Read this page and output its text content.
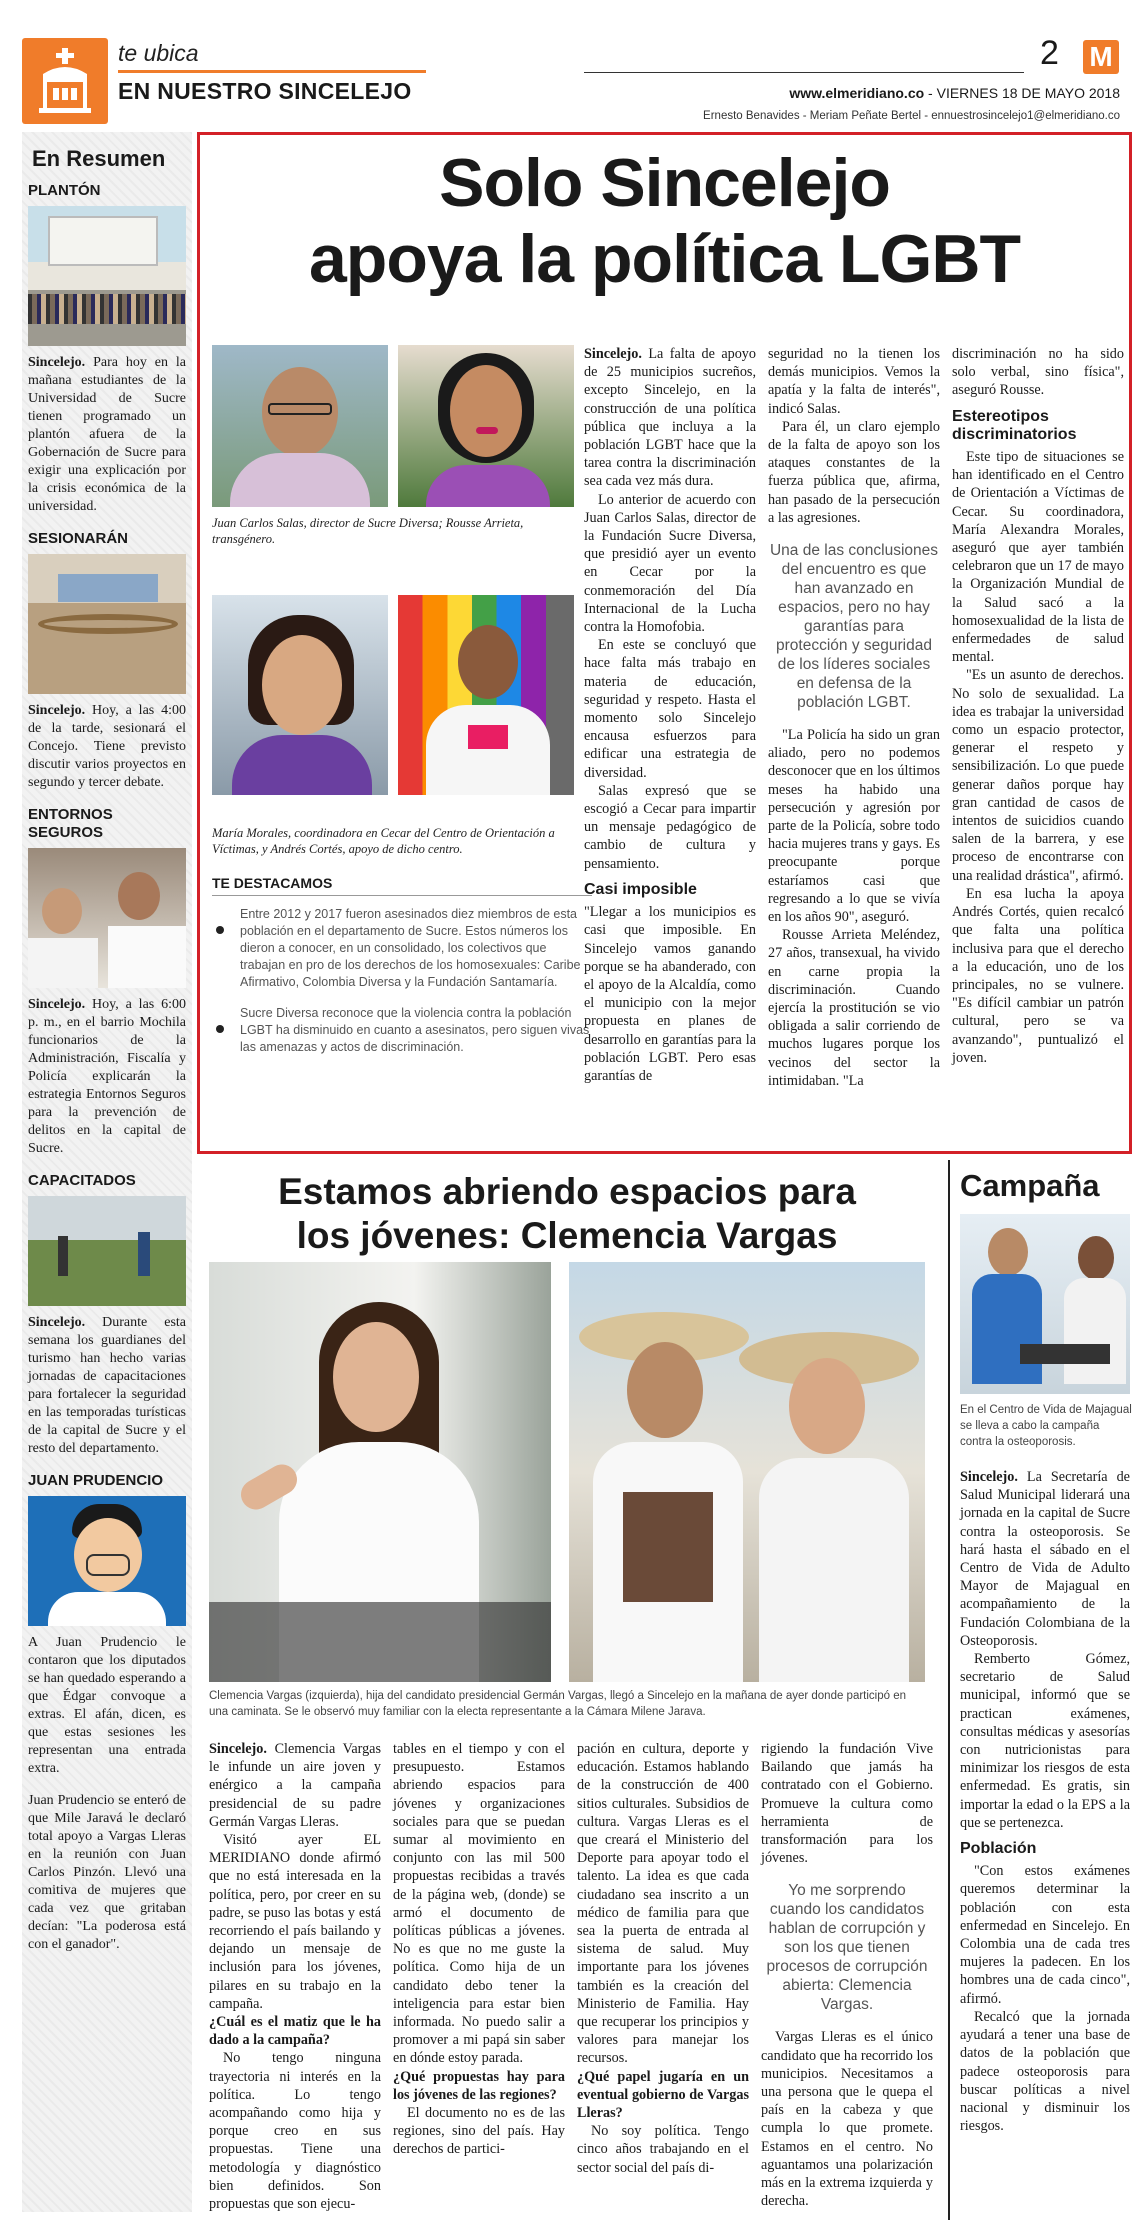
te ubica
EN NUESTRO SINCELEJO
2 M
www.elmeridiano.co - VIERNES 18 DE MAYO 2018
Ernesto Benavides - Meriam Peñate Bertel - ennuestrosincelejo1@elmeridiano.co
En Resumen
PLANTÓN

Sincelejo. Para hoy en la mañana estudiantes de la Universidad de Sucre tienen programado un plantón afuera de la Gobernación de Sucre para exigir una explicación por la crisis económica de la universidad.

SESIONARÁN

Sincelejo. Hoy, a las 4:00 de la tarde, sesionará el Concejo. Tiene previsto discutir varios proyectos en segundo y tercer debate.

ENTORNOS SEGUROS

Sincelejo. Hoy, a las 6:00 p. m., en el barrio Mochila funcionarios de la Administración, Fiscalía y Policía explicarán la estrategia Entornos Seguros para la prevención de delitos en la capital de Sucre.

CAPACITADOS

Sincelejo. Durante esta semana los guardianes del turismo han hecho varias jornadas de capacitaciones para fortalecer la seguridad en las temporadas turísticas de la capital de Sucre y el resto del departamento.

JUAN PRUDENCIO

A Juan Prudencio le contaron que los diputados se han quedado esperando a que Édgar convoque a extras. El afán, dicen, es que estas sesiones les representan una entrada extra.

Juan Prudencio se enteró de que Mile Jaravá le declaró total apoyo a Vargas Lleras en la reunión con Juan Carlos Pinzón. Llevó una comitiva de mujeres que cada vez que gritaban decían: "La poderosa está con el ganador".

Solo Sincelejo
apoya la política LGBT
Juan Carlos Salas, director de Sucre Diversa; Rousse Arrieta, transgénero.
María Morales, coordinadora en Cecar del Centro de Orientación a Víctimas, y Andrés Cortés, apoyo de dicho centro.
TE DESTACAMOS
Entre 2012 y 2017 fueron asesinados diez miembros de esta población en el departamento de Sucre. Estos números los dieron a conocer, en un consolidado, los colectivos que trabajan en pro de los derechos de los homosexuales: Caribe Afirmativo, Colombia Diversa y la Fundación Santamaría.
Sucre Diversa reconoce que la violencia contra la población LGBT ha disminuido en cuanto a asesinatos, pero siguen vivas las amenazas y actos de discriminación.

Sincelejo. La falta de apoyo de 25 municipios sucreños, excepto Sincelejo, en la construcción de una política pública que incluya a la población LGBT hace que la tarea contra la discriminación sea cada vez más dura.

Lo anterior de acuerdo con Juan Carlos Salas, director de la Fundación Sucre Diversa, que presidió ayer un evento en Cecar por la conmemoración del Día Internacional de la Lucha contra la Homofobia.

En este se concluyó que hace falta más trabajo en materia de educación, seguridad y respeto. Hasta el momento solo Sincelejo encausa esfuerzos para edificar una estrategia de diversidad.

Salas expresó que se escogió a Cecar para impartir un mensaje pedagógico de cambio de cultura y pensamiento.

Casi imposible

"Llegar a los municipios es casi que imposible. En Sincelejo vamos ganando porque se ha abanderado, con el apoyo de la Alcaldía, como el municipio con la mejor propuesta en planes de desarrollo en garantías para la población LGBT. Pero esas garantías de

seguridad no la tienen los demás municipios. Vemos la apatía y la falta de interés", indicó Salas.

Para él, un claro ejemplo de la falta de apoyo son los ataques constantes de la fuerza pública que, afirma, han pasado de la persecución a las agresiones.

Una de las conclusiones del encuentro es que han avanzado en espacios, pero no hay garantías para protección y seguridad de los líderes sociales en defensa de la población LGBT.

"La Policía ha sido un gran aliado, pero no podemos desconocer que en los últimos meses ha habido una persecución y agresión por parte de la Policía, sobre todo hacia mujeres trans y gays. Es preocupante porque estaríamos casi que regresando a lo que se vivía en los años 90", aseguró.

Rousse Arrieta Meléndez, 27 años, transexual, ha vivido en carne propia la discriminación. Cuando ejercía la prostitución se vio obligada a salir corriendo de muchos lugares porque los vecinos del sector la intimidaban. "La

discriminación no ha sido solo verbal, sino física", aseguró Rousse.

Estereotipos discriminatorios

Este tipo de situaciones se han identificado en el Centro de Orientación a Víctimas de Cecar. Su coordinadora, María Alexandra Morales, aseguró que ayer también celebraron que un 17 de mayo la Organización Mundial de la Salud sacó a la homosexualidad de la lista de enfermedades de salud mental.

"Es un asunto de derechos. No solo de sexualidad. La idea es trabajar la universidad como un espacio protector, generar el respeto y sensibilización. Lo que puede generar daños porque hay gran cantidad de casos de intentos de suicidios cuando salen de la barrera, y ese proceso de encontrarse con una realidad drástica", afirmó.

En esa lucha la apoya Andrés Cortés, quien recalcó que falta una política inclusiva para que el derecho a la educación, uno de los principales, no se vulnere. "Es difícil cambiar un patrón cultural, pero se va avanzando", puntualizó el joven.

Estamos abriendo espacios para
los jóvenes: Clemencia Vargas
Clemencia Vargas (izquierda), hija del candidato presidencial Germán Vargas, llegó a Sincelejo en la mañana de ayer donde participó en una caminata. Se le observó muy familiar con la electa representante a la Cámara Milene Jarava.

Sincelejo. Clemencia Vargas le infunde un aire joven y enérgico a la campaña presidencial de su padre Germán Vargas Lleras.

Visitó ayer EL MERIDIANO donde afirmó que no está interesada en la política, pero, por creer en su padre, se puso las botas y está recorriendo el país bailando y dejando un mensaje de inclusión para los jóvenes, pilares en su trabajo en la campaña.

¿Cuál es el matiz que le ha dado a la campaña?

No tengo ninguna trayectoria ni interés en la política. Lo tengo acompañando como hija y porque creo en sus propuestas. Tiene una metodología y diagnóstico bien definidos. Son propuestas que son ejecu-

tables en el tiempo y con el presupuesto. Estamos abriendo espacios para jóvenes y organizaciones sociales para que se puedan sumar al movimiento en conjunto con las mil 500 propuestas recibidas a través de la página web, (donde) se armó el documento de políticas públicas a jóvenes. No es que no me guste la política. Como hija de un candidato debo tener la inteligencia para estar bien informada. No puedo salir a promover a mi papá sin saber en dónde estoy parada.

¿Qué propuestas hay para los jóvenes de las regiones?

El documento no es de las regiones, sino del país. Hay derechos de partici-

pación en cultura, deporte y educación. Estamos hablando de la construcción de 400 sitios culturales. Subsidios de cultura. Vargas Lleras es el que creará el Ministerio del Deporte para apoyar todo el talento. La idea es que cada ciudadano sea inscrito a un médico de familia para que sea la puerta de entrada al sistema de salud. Muy importante para los jóvenes también es la creación del Ministerio de Familia. Hay que recuperar los principios y valores para manejar los recursos.

¿Qué papel jugaría en un eventual gobierno de Vargas Lleras?

No soy política. Tengo cinco años trabajando en el sector social del país di-

rigiendo la fundación Vive Bailando que jamás ha contratado con el Gobierno. Promueve la cultura como herramienta de transformación para los jóvenes.

Yo me sorprendo cuando los candidatos hablan de corrupción y son los que tienen procesos de corrupción abierta: Clemencia Vargas.

Vargas Lleras es el único candidato que ha recorrido los municipios. Necesitamos a una persona que le quepa el país en la cabeza y que cumpla lo que promete. Estamos en el centro. No aguantamos una polarización más en la extrema izquierda y derecha.

Campaña
En el Centro de Vida de Majagual se lleva a cabo la campaña contra la osteoporosis.

Sincelejo. La Secretaría de Salud Municipal liderará una jornada en la capital de Sucre contra la osteoporosis. Se hará hasta el sábado en el Centro de Vida de Adulto Mayor de Majagual en acompañamiento de la Fundación Colombiana de la Osteoporosis.

Remberto Gómez, secretario de Salud municipal, informó que se practican exámenes, consultas médicas y asesorías con nutricionistas para minimizar los riesgos de esta enfermedad. Es gratis, sin importar la edad o la EPS a la que se pertenezca.

Población

"Con estos exámenes queremos determinar la población con esta enfermedad en Sincelejo. En Colombia una de cada tres mujeres la padecen. En los hombres una de cada cinco", afirmó.

Recalcó que la jornada ayudará a tener una base de datos de la población que padece osteoporosis para buscar políticas a nivel nacional y disminuir los riesgos.
